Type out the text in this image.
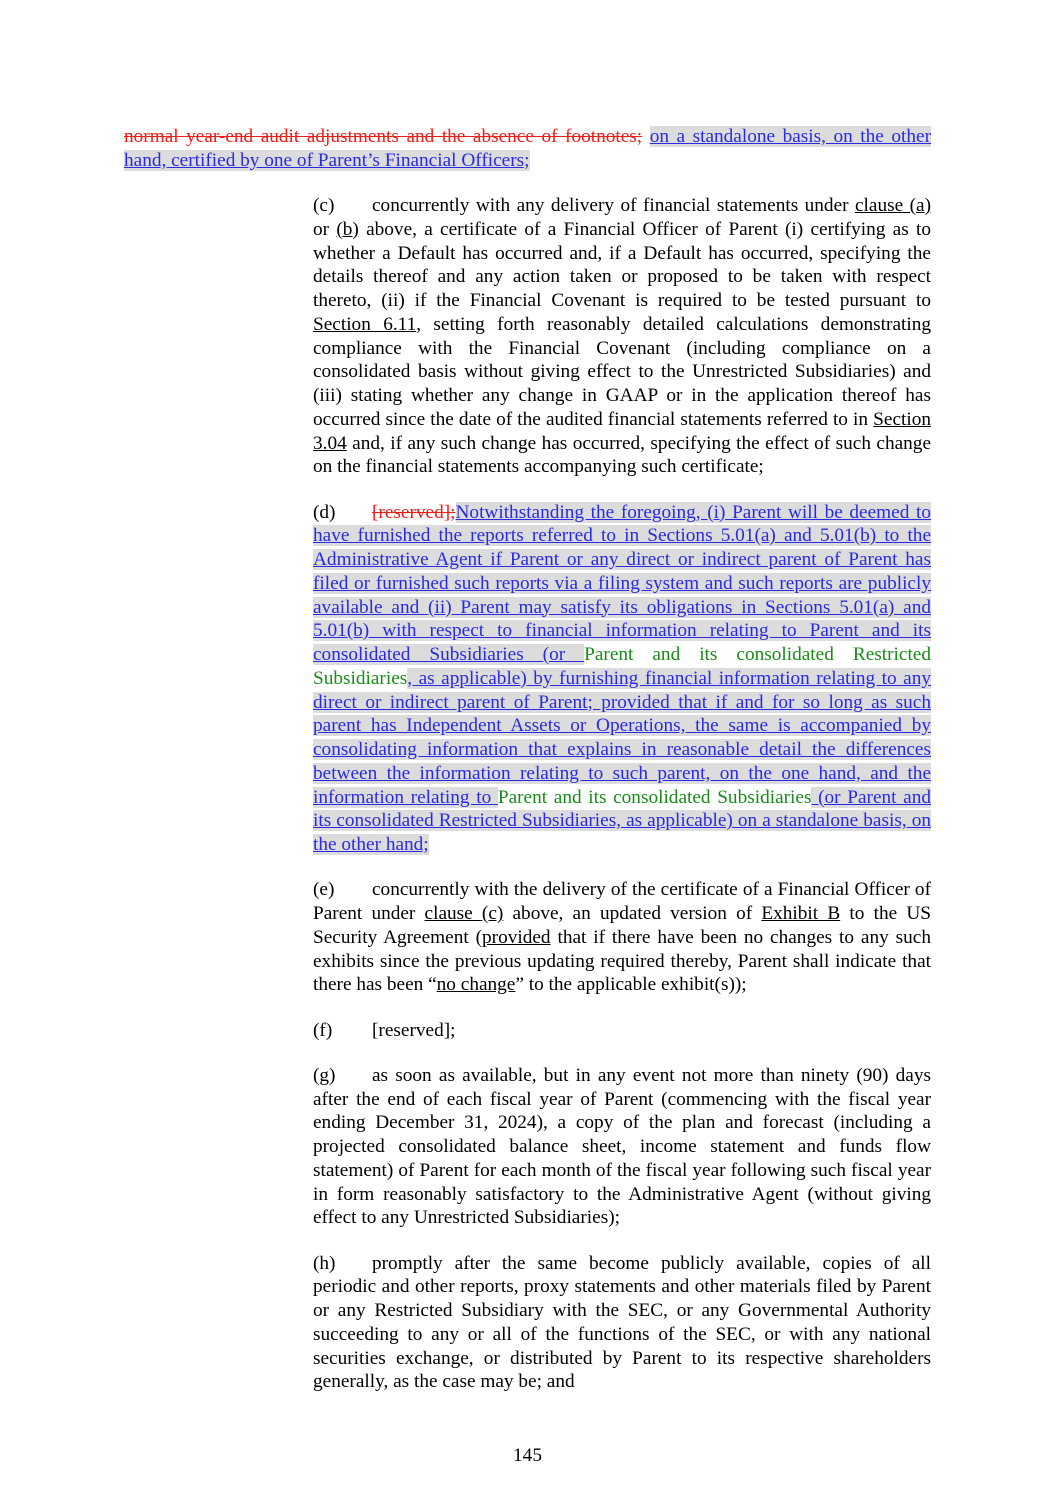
normal year-end audit adjustments and the absence of footnotes; on a standalone basis, on the other hand, certified by one of Parent’s Financial Officers;

(c) concurrently with any delivery of financial statements under clause (a) or (b) above, a certificate of a Financial Officer of Parent (i) certifying as to whether a Default has occurred and, if a Default has occurred, specifying the details thereof and any action taken or proposed to be taken with respect thereto, (ii) if the Financial Covenant is required to be tested pursuant to Section 6.11, setting forth reasonably detailed calculations demonstrating compliance with the Financial Covenant (including compliance on a consolidated basis without giving effect to the Unrestricted Subsidiaries) and (iii) stating whether any change in GAAP or in the application thereof has occurred since the date of the audited financial statements referred to in Section 3.04 and, if any such change has occurred, specifying the effect of such change on the financial statements accompanying such certificate;

(d) [reserved];Notwithstanding the foregoing, (i) Parent will be deemed to have furnished the reports referred to in Sections 5.01(a) and 5.01(b) to the Administrative Agent if Parent or any direct or indirect parent of Parent has filed or furnished such reports via a filing system and such reports are publicly available and (ii) Parent may satisfy its obligations in Sections 5.01(a) and 5.01(b) with respect to financial information relating to Parent and its consolidated Subsidiaries (or Parent and its consolidated Restricted Subsidiaries, as applicable) by furnishing financial information relating to any direct or indirect parent of Parent; provided that if and for so long as such parent has Independent Assets or Operations, the same is accompanied by consolidating information that explains in reasonable detail the differences between the information relating to such parent, on the one hand, and the information relating to Parent and its consolidated Subsidiaries (or Parent and its consolidated Restricted Subsidiaries, as applicable) on a standalone basis, on the other hand;

(e) concurrently with the delivery of the certificate of a Financial Officer of Parent under clause (c) above, an updated version of Exhibit B to the US Security Agreement (provided that if there have been no changes to any such exhibits since the previous updating required thereby, Parent shall indicate that there has been “no change” to the applicable exhibit(s));

(f) [reserved];

(g) as soon as available, but in any event not more than ninety (90) days after the end of each fiscal year of Parent (commencing with the fiscal year ending December 31, 2024), a copy of the plan and forecast (including a projected consolidated balance sheet, income statement and funds flow statement) of Parent for each month of the fiscal year following such fiscal year in form reasonably satisfactory to the Administrative Agent (without giving effect to any Unrestricted Subsidiaries);

(h) promptly after the same become publicly available, copies of all periodic and other reports, proxy statements and other materials filed by Parent or any Restricted Subsidiary with the SEC, or any Governmental Authority succeeding to any or all of the functions of the SEC, or with any national securities exchange, or distributed by Parent to its respective shareholders generally, as the case may be; and

145
